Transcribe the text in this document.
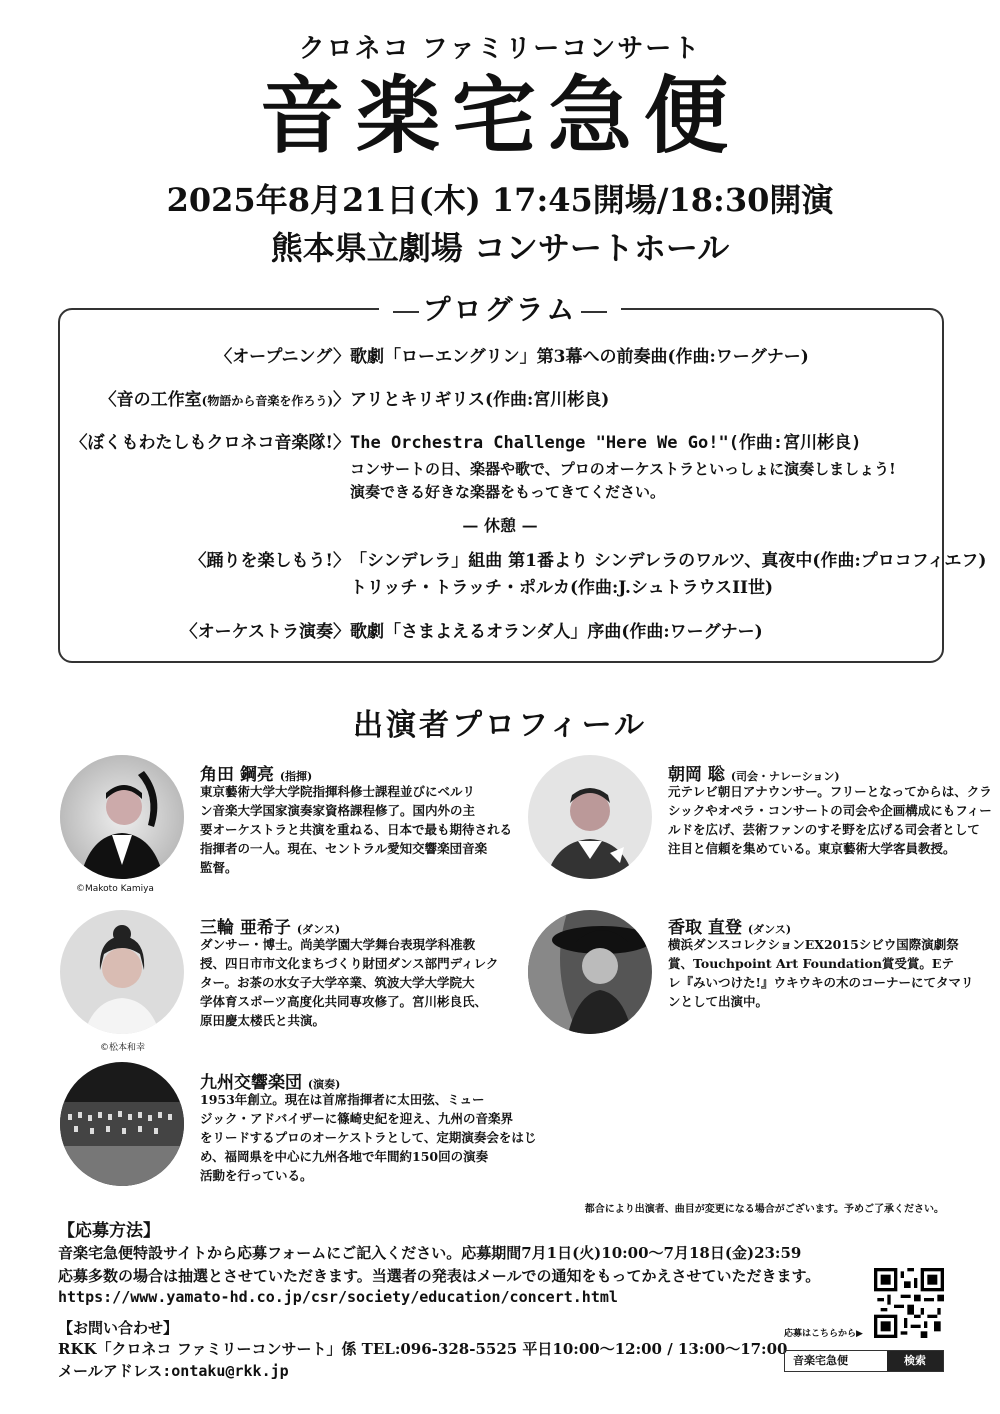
クロネコ ファミリーコンサート
音楽宅急便
2025年8月21日(木) 17:45開場/18:30開演
熊本県立劇場 コンサートホール
プログラム
〈オープニング〉 歌劇「ローエングリン」第3幕への前奏曲(作曲:ワーグナー)
〈音の工作室(物語から音楽を作ろう)〉 アリとキリギリス(作曲:宮川彬良)
〈ぼくもわたしもクロネコ音楽隊!〉 The Orchestra Challenge "Here We Go!"(作曲:宮川彬良)
コンサートの日、楽器や歌で、プロのオーケストラといっしょに演奏しましょう!
演奏できる好きな楽器をもってきてください。
— 休憩 —
〈踊りを楽しもう!〉 「シンデレラ」組曲 第1番より シンデレラのワルツ、真夜中(作曲:プロコフィエフ)
トリッチ・トラッチ・ポルカ(作曲:J.シュトラウスII世)
〈オーケストラ演奏〉 歌劇「さまよえるオランダ人」序曲(作曲:ワーグナー)
出演者プロフィール
©Makoto Kamiya
角田 鋼亮 (指揮)
東京藝術大学大学院指揮科修士課程並びにベルリ
ン音楽大学国家演奏家資格課程修了。国内外の主
要オーケストラと共演を重ねる、日本で最も期待される
指揮者の一人。現在、セントラル愛知交響楽団音楽
監督。
朝岡 聡 (司会・ナレーション)
元テレビ朝日アナウンサー。フリーとなってからは、クラ
シックやオペラ・コンサートの司会や企画構成にもフィー
ルドを広げ、芸術ファンのすそ野を広げる司会者として
注目と信頼を集めている。東京藝術大学客員教授。
©松本和幸
三輪 亜希子 (ダンス)
ダンサー・博士。尚美学園大学舞台表現学科准教
授、四日市市文化まちづくり財団ダンス部門ディレク
ター。お茶の水女子大学卒業、筑波大学大学院大
学体育スポーツ高度化共同専攻修了。宮川彬良氏、
原田慶太楼氏と共演。
香取 直登 (ダンス)
横浜ダンスコレクションEX2015シビウ国際演劇祭
賞、Touchpoint Art Foundation賞受賞。Eテ
レ『みいつけた!』ウキウキの木のコーナーにてタマリ
ンとして出演中。
九州交響楽団 (演奏)
1953年創立。現在は首席指揮者に太田弦、ミュー
ジック・アドバイザーに篠崎史紀を迎え、九州の音楽界
をリードするプロのオーケストラとして、定期演奏会をはじ
め、福岡県を中心に九州各地で年間約150回の演奏
活動を行っている。
都合により出演者、曲目が変更になる場合がございます。予めご了承ください。
【応募方法】
音楽宅急便特設サイトから応募フォームにご記入ください。応募期間7月1日(火)10:00〜7月18日(金)23:59
応募多数の場合は抽選とさせていただきます。当選者の発表はメールでの通知をもってかえさせていただきます。
https://www.yamato-hd.co.jp/csr/society/education/concert.html
【お問い合わせ】
RKK「クロネコ ファミリーコンサート」係 TEL:096-328-5525 平日10:00〜12:00 / 13:00〜17:00
メールアドレス:ontaku@rkk.jp
応募はこちらから▶
音楽宅急便	検索
